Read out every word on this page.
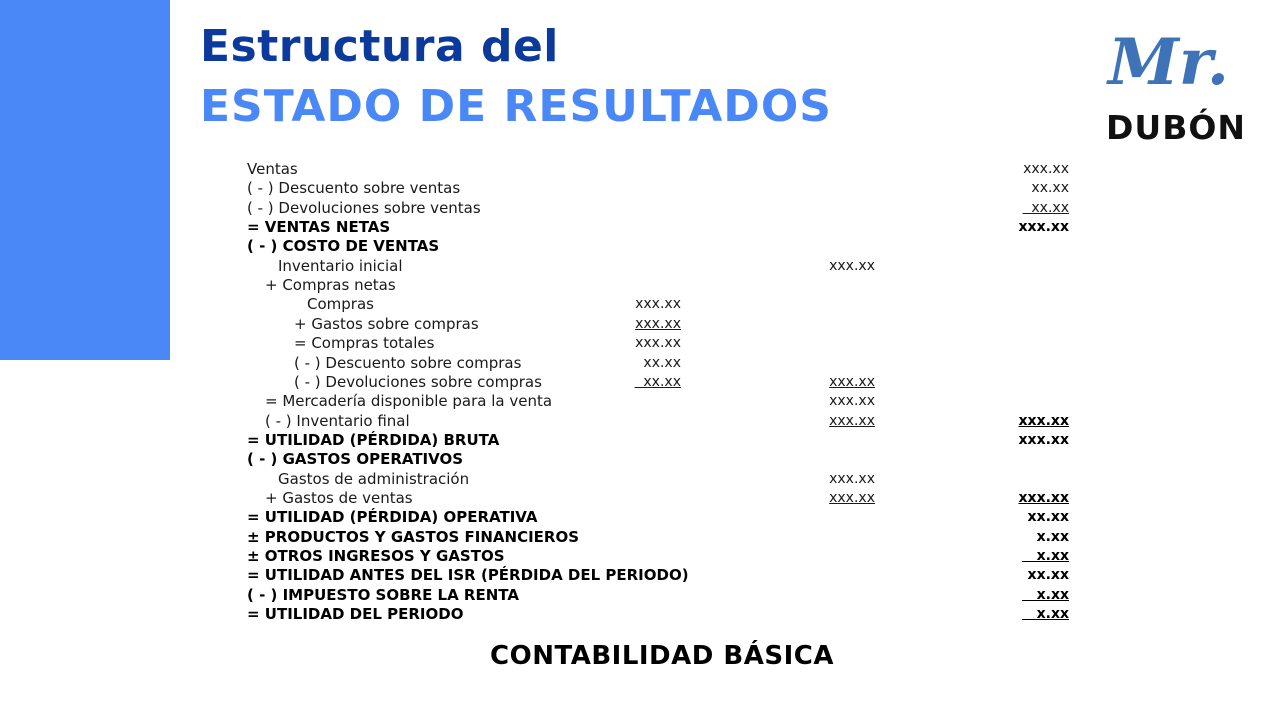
Estructura del
ESTADO DE RESULTADOS
Mr.
DUBÓN
Ventas	xxx.xx
( - ) Descuento sobre ventas	xx.xx
( - ) Devoluciones sobre ventas	xx.xx
= VENTAS NETAS	xxx.xx
( - ) COSTO DE VENTAS
Inventario inicial	xxx.xx
+ Compras netas
Compras	xxx.xx
+ Gastos sobre compras	xxx.xx
= Compras totales	xxx.xx
( - ) Descuento sobre compras	xx.xx
( - ) Devoluciones sobre compras	xx.xx	xxx.xx
= Mercadería disponible para la venta	xxx.xx
( - ) Inventario final	xxx.xx	xxx.xx
= UTILIDAD (PÉRDIDA) BRUTA	xxx.xx
( - ) GASTOS OPERATIVOS
Gastos de administración	xxx.xx
+ Gastos de ventas	xxx.xx	xxx.xx
= UTILIDAD (PÉRDIDA) OPERATIVA	xx.xx
± PRODUCTOS Y GASTOS FINANCIEROS	x.xx
± OTROS INGRESOS Y GASTOS	x.xx
= UTILIDAD ANTES DEL ISR (PÉRDIDA DEL PERIODO)	xx.xx
( - ) IMPUESTO SOBRE LA RENTA	x.xx
= UTILIDAD DEL PERIODO	x.xx
CONTABILIDAD BÁSICA
